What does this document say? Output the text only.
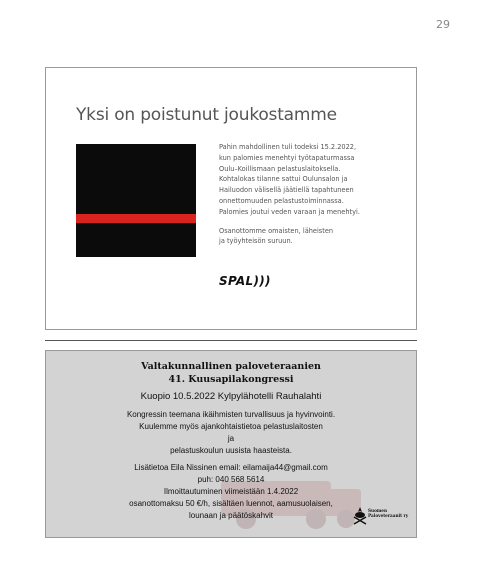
29
Yksi on poistunut joukostamme
Pahin mahdollinen tuli todeksi 15.2.2022,
kun palomies menehtyi työtapaturmassa
Oulu–Koillismaan pelastuslaitoksella.
Kohtalokas tilanne sattui Oulunsalon ja
Hailuodon välisellä jäätiellä tapahtuneen
onnettomuuden pelastustoiminnassa.
Palomies joutui veden varaan ja menehtyi.
Osanottomme omaisten, läheisten
ja työyhteisön suruun.
SPAL)))
Valtakunnallinen paloveteraanien
41. Kuusapilakongressi
Kuopio 10.5.2022 Kylpylähotelli Rauhalahti
Kongressin teemana ikäihmisten turvallisuus ja hyvinvointi.
Kuulemme myös ajankohtaistietoa pelastuslaitosten
ja
pelastuskoulun uusista haasteista.
Lisätietoa Eila Nissinen email: eilamaija44@gmail.com
puh: 040 568 5614
Ilmoittautuminen viimeistään 1.4.2022
osanottomaksu 50 €/h, sisältäen luennot, aamusuolaisen,
lounaan ja päätöskahvit
Suomen
Paloveteraanit ry
